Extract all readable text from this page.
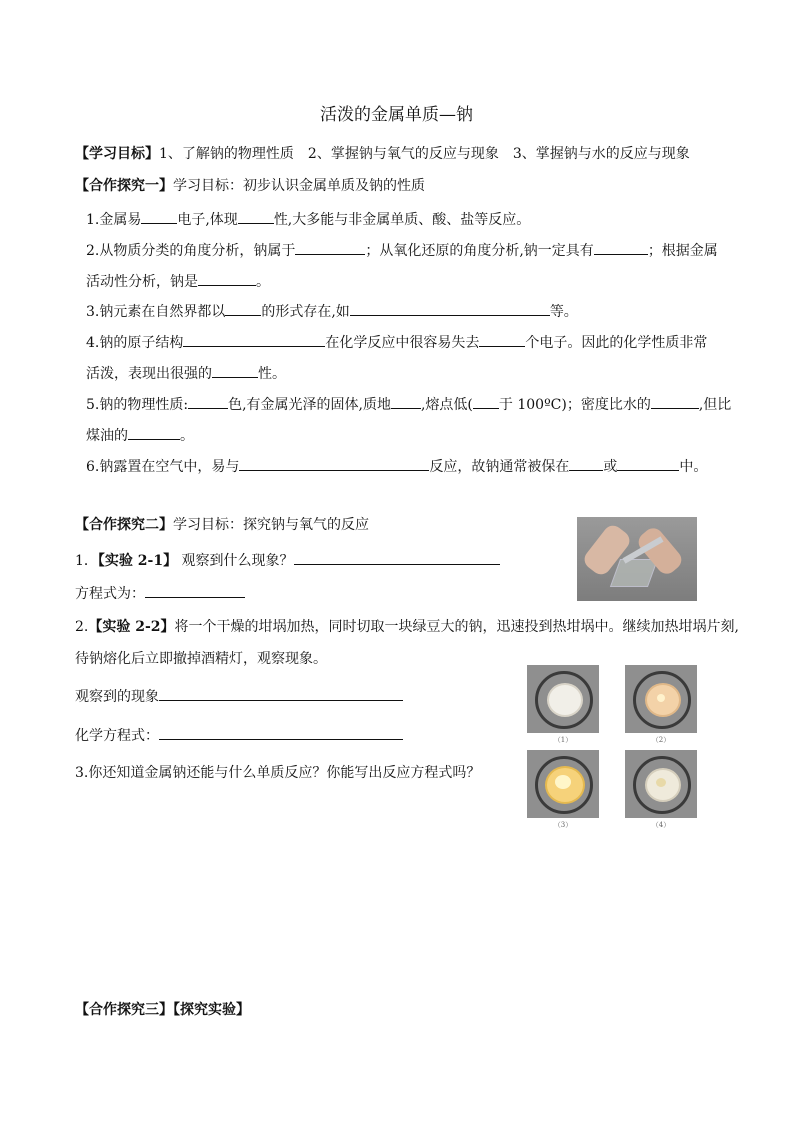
活泼的金属单质—钠
【学习目标】1、了解钠的物理性质　2、掌握钠与氧气的反应与现象　3、掌握钠与水的反应与现象
【合作探究一】学习目标：初步认识金属单质及钠的性质
1.金属易	电子,体现	性,大多能与非金属单质、酸、盐等反应。
2.从物质分类的角度分析，钠属于	；从氧化还原的角度分析,钠一定具有	；根据金属
活动性分析，钠是	。
3.钠元素在自然界都以	的形式存在,如	等。
4.钠的原子结构	在化学反应中很容易失去	个电子。因此的化学性质非常
活泼，表现出很强的	性。
5.钠的物理性质:	色,有金属光泽的固体,质地 ,熔点低( 于 100ºC)；密度比水的	,但比
煤油的	。
6.钠露置在空气中，易与	反应，故钠通常被保在 或	中。
【合作探究二】学习目标：探究钠与氧气的反应
1．【实验 2-1】 观察到什么现象？
方程式为：
2.【实验 2-2】将一个干燥的坩埚加热，同时切取一块绿豆大的钠，迅速投到热坩埚中。继续加热坩埚片刻,
待钠熔化后立即撤掉酒精灯，观察现象。
观察到的现象
化学方程式：
3.你还知道金属钠还能与什么单质反应？你能写出反应方程式吗？
（1）	（2）
（3）	（4）
【合作探究三】【探究实验】
